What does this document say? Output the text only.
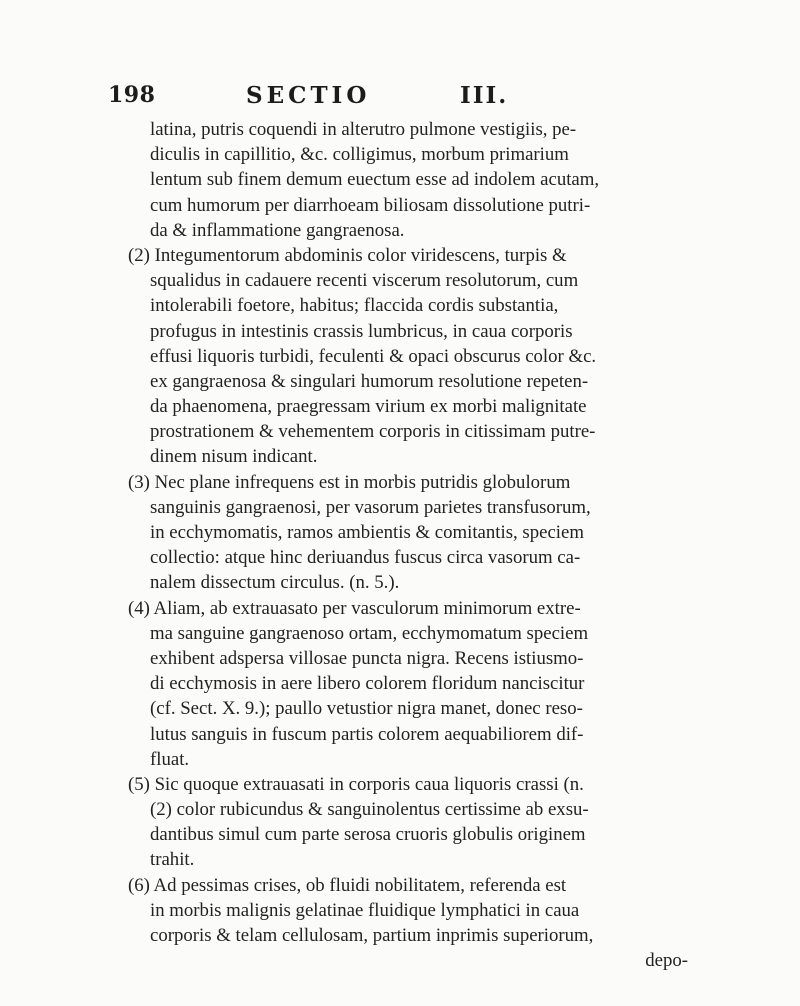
198	SECTIO	III.
latina, putris coquendi in alterutro pulmone vestigiis, pe-
diculis in capillitio, &c. colligimus, morbum primarium
lentum sub finem demum euectum esse ad indolem acutam,
cum humorum per diarrhoeam biliosam dissolutione putri-
da & inflammatione gangraenosa.
(2) Integumentorum abdominis color viridescens, turpis &
squalidus in cadauere recenti viscerum resolutorum, cum
intolerabili foetore, habitus; flaccida cordis substantia,
profugus in intestinis crassis lumbricus, in caua corporis
effusi liquoris turbidi, feculenti & opaci obscurus color &c.
ex gangraenosa & singulari humorum resolutione repeten-
da phaenomena, praegressam virium ex morbi malignitate
prostrationem & vehementem corporis in citissimam putre-
dinem nisum indicant.
(3) Nec plane infrequens est in morbis putridis globulorum
sanguinis gangraenosi, per vasorum parietes transfusorum,
in ecchymomatis, ramos ambientis & comitantis, speciem
collectio: atque hinc deriuandus fuscus circa vasorum ca-
nalem dissectum circulus. (n. 5.).
(4) Aliam, ab extrauasato per vasculorum minimorum extre-
ma sanguine gangraenoso ortam, ecchymomatum speciem
exhibent adspersa villosae puncta nigra. Recens istiusmo-
di ecchymosis in aere libero colorem floridum nanciscitur
(cf. Sect. X. 9.); paullo vetustior nigra manet, donec reso-
lutus sanguis in fuscum partis colorem aequabiliorem dif-
fluat.
(5) Sic quoque extrauasati in corporis caua liquoris crassi (n.
(2) color rubicundus & sanguinolentus certissime ab exsu-
dantibus simul cum parte serosa cruoris globulis originem
trahit.
(6) Ad pessimas crises, ob fluidi nobilitatem, referenda est
in morbis malignis gelatinae fluidique lymphatici in caua
corporis & telam cellulosam, partium inprimis superiorum,
depo-
